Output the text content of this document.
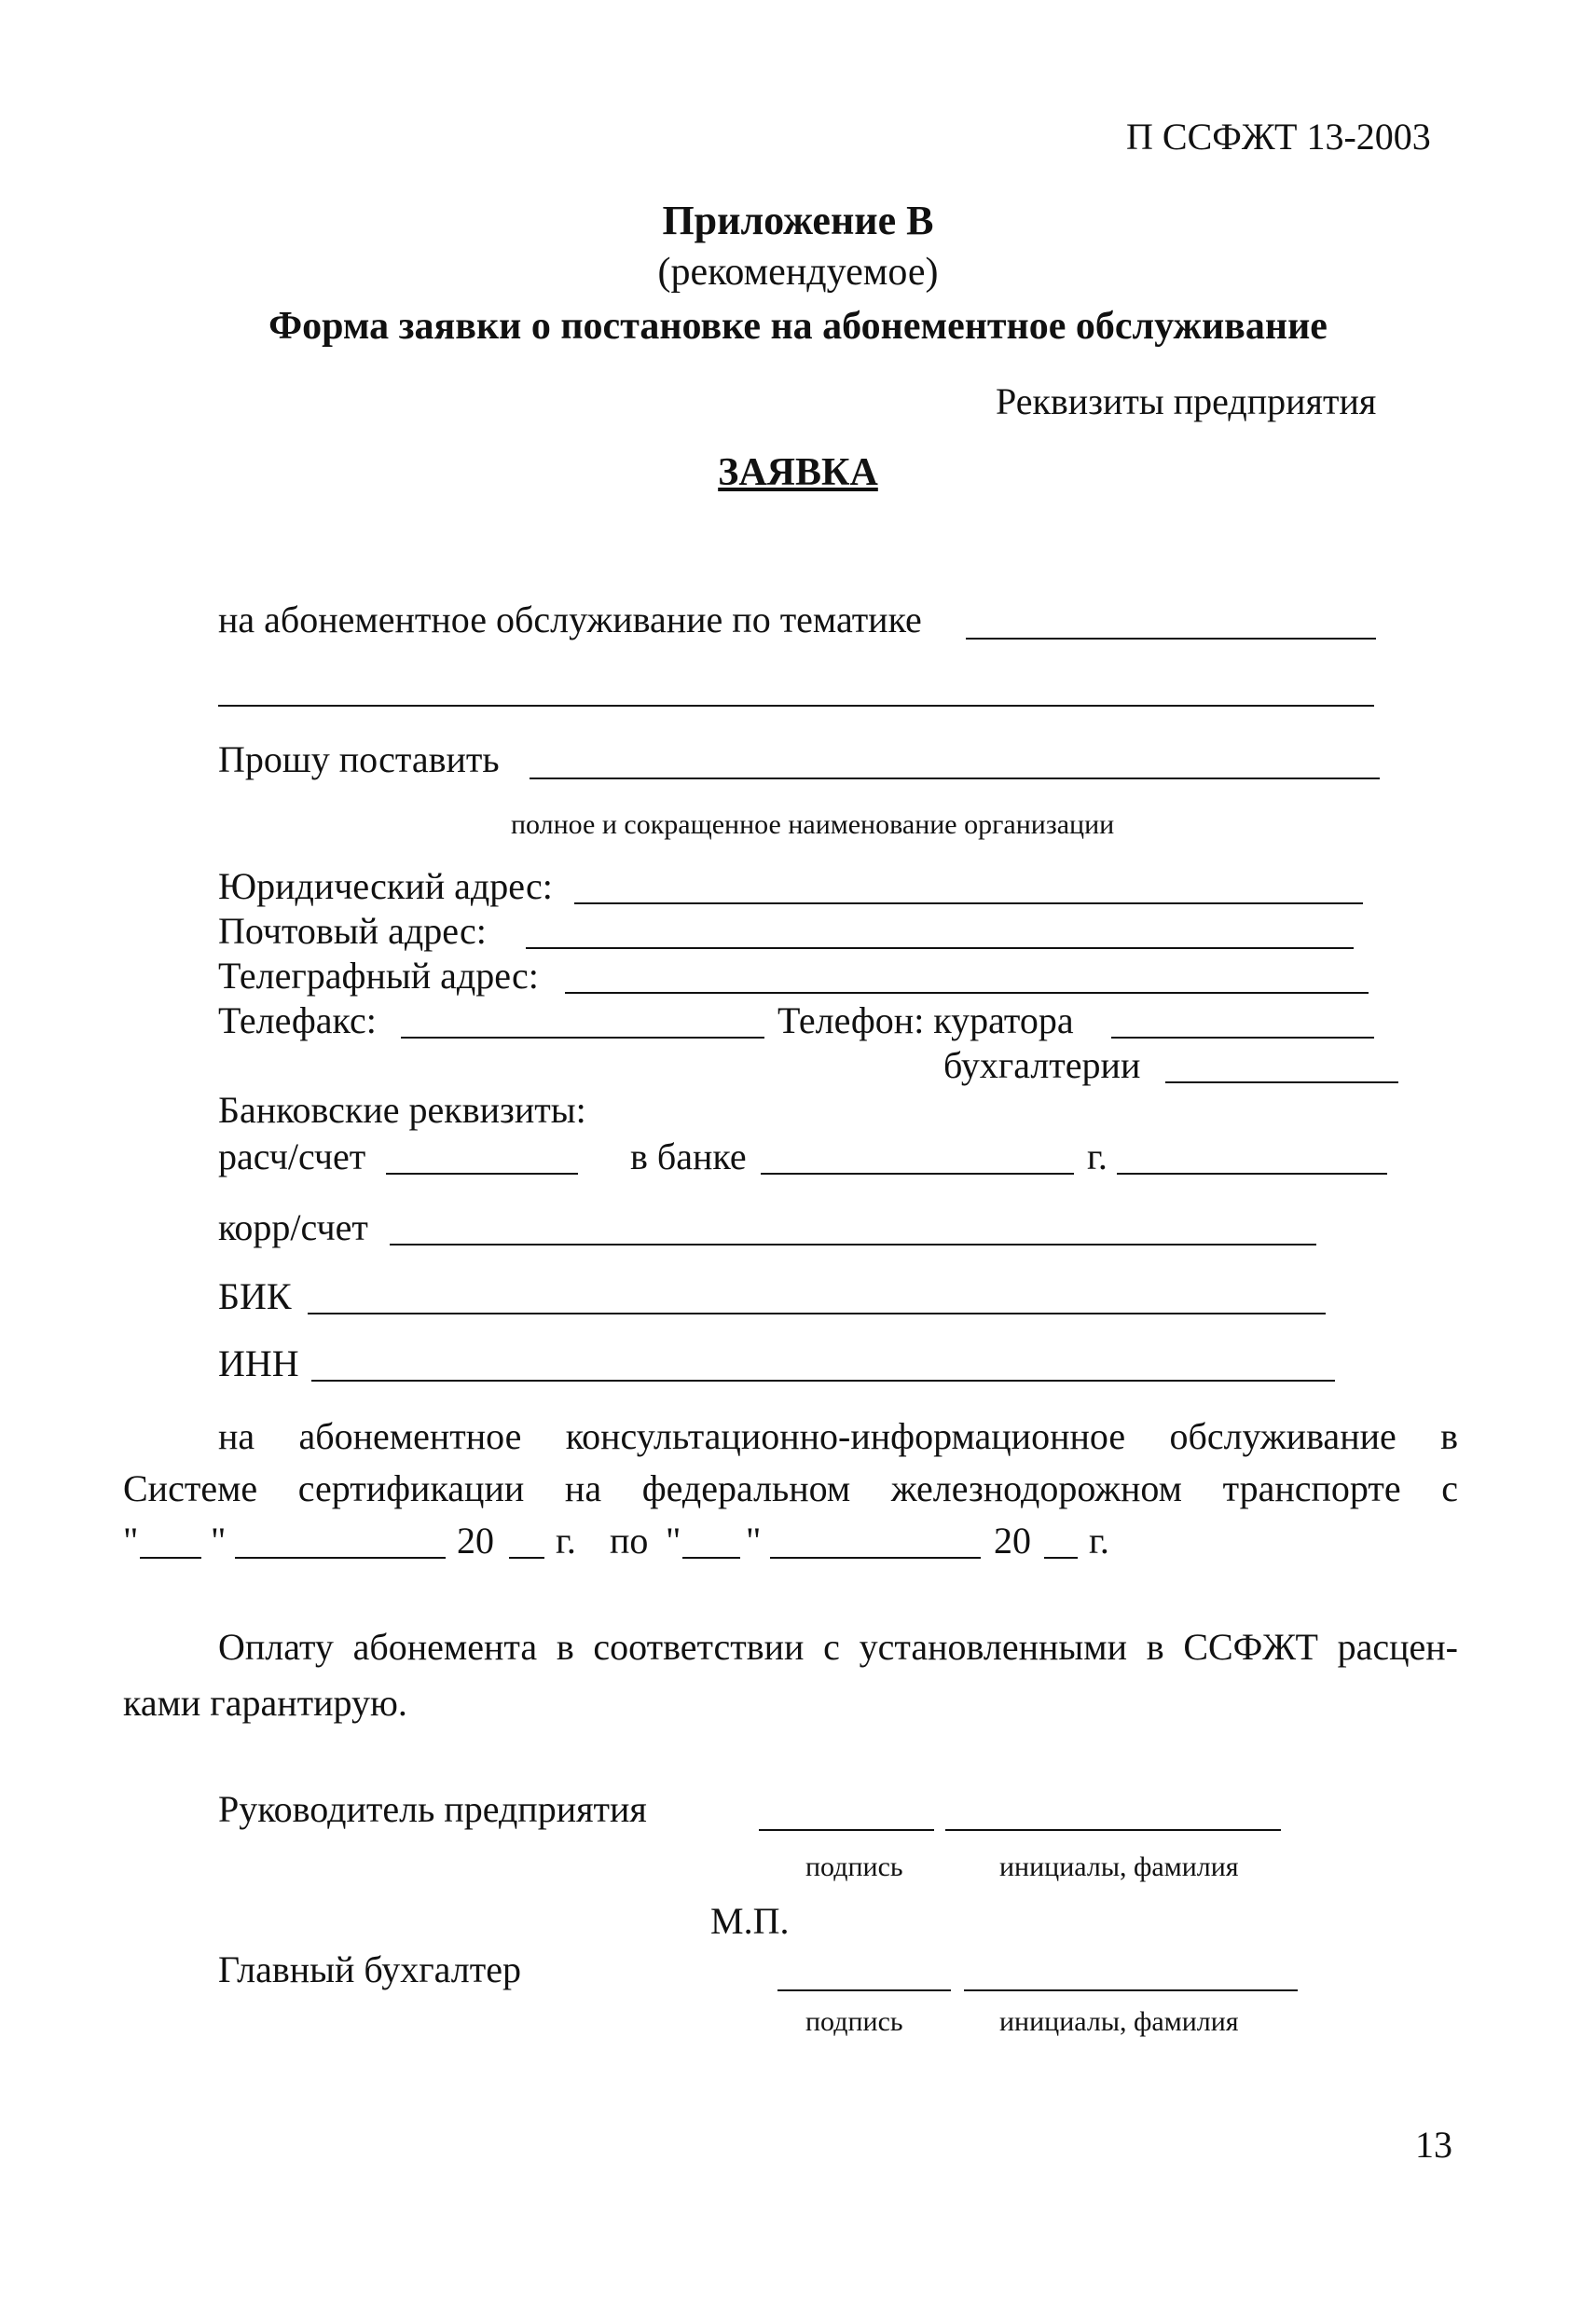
П ССФЖТ 13-2003
Приложение В
(рекомендуемое)
Форма заявки о постановке на абонементное обслуживание
Реквизиты предприятия
ЗАЯВКА
на абонементное обслуживание по тематике
Прошу поставить
полное и сокращенное наименование организации
Юридический адрес:
Почтовый адрес:
Телеграфный адрес:
Телефакс:	Телефон: куратора
бухгалтерии
Банковские реквизиты:
расч/счет	в банке	г.
корр/счет
БИК
ИНН
на абонементное консультационно-информационное обслуживание в
Системе сертификации на федеральном железнодорожном транспорте с
" "	20 г. по " "	20 г.
Оплату абонемента в соответствии с установленными в ССФЖТ расцен-
ками гарантирую.
Руководитель предприятия
подпись	инициалы, фамилия
М.П.
Главный бухгалтер
подпись	инициалы, фамилия
13
